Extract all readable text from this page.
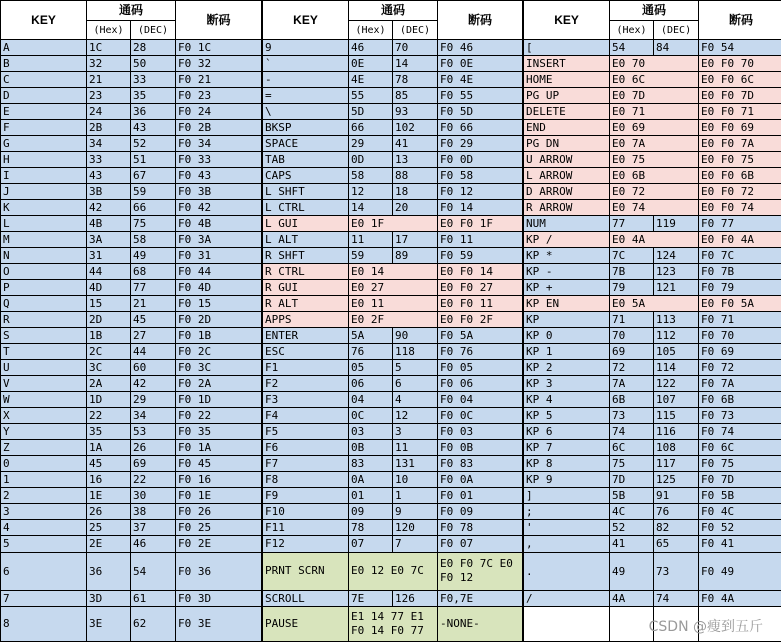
KEY	通码		断码
	(Hex)	(DEC)	
A	1C	28	F0 1C
B	32	50	F0 32
C	21	33	F0 21
D	23	35	F0 23
E	24	36	F0 24
F	2B	43	F0 2B
G	34	52	F0 34
H	33	51	F0 33
I	43	67	F0 43
J	3B	59	F0 3B
K	42	66	F0 42
L	4B	75	F0 4B
M	3A	58	F0 3A
N	31	49	F0 31
O	44	68	F0 44
P	4D	77	F0 4D
Q	15	21	F0 15
R	2D	45	F0 2D
S	1B	27	F0 1B
T	2C	44	F0 2C
U	3C	60	F0 3C
V	2A	42	F0 2A
W	1D	29	F0 1D
X	22	34	F0 22
Y	35	53	F0 35
Z	1A	26	F0 1A
0	45	69	F0 45
1	16	22	F0 16
2	1E	30	F0 1E
3	26	38	F0 26
4	25	37	F0 25
5	2E	46	F0 2E
6	36	54	F0 36
7	3D	61	F0 3D
8	3E	62	F0 3E
KEY	通码		断码
	(Hex)	(DEC)	
9	46	70	F0 46
`	0E	14	F0 0E
-	4E	78	F0 4E
=	55	85	F0 55
\	5D	93	F0 5D
BKSP	66	102	F0 66
SPACE	29	41	F0 29
TAB	0D	13	F0 0D
CAPS	58	88	F0 58
L SHFT	12	18	F0 12
L CTRL	14	20	F0 14
L GUI	E0 1F		E0 F0 1F
L ALT	11	17	F0 11
R SHFT	59	89	F0 59
R CTRL	E0 14		E0 F0 14
R GUI	E0 27		E0 F0 27
R ALT	E0 11		E0 F0 11
APPS	E0 2F		E0 F0 2F
ENTER	5A	90	F0 5A
ESC	76	118	F0 76
F1	05	5	F0 05
F2	06	6	F0 06
F3	04	4	F0 04
F4	0C	12	F0 0C
F5	03	3	F0 03
F6	0B	11	F0 0B
F7	83	131	F0 83
F8	0A	10	F0 0A
F9	01	1	F0 01
F10	09	9	F0 09
F11	78	120	F0 78
F12	07	7	F0 07
PRNT SCRN	E0 12 E0 7C		E0 F0 7C E0 F0 12
SCROLL	7E	126	F0,7E
PAUSE	E1 14 77 E1 F0 14 F0 77		-NONE-
KEY	通码		断码
	(Hex)	(DEC)	
[	54	84	F0 54
INSERT	E0 70		E0 F0 70
HOME	E0 6C		E0 F0 6C
PG UP	E0 7D		E0 F0 7D
DELETE	E0 71		E0 F0 71
END	E0 69		E0 F0 69
PG DN	E0 7A		E0 F0 7A
U ARROW	E0 75		E0 F0 75
L ARROW	E0 6B		E0 F0 6B
D ARROW	E0 72		E0 F0 72
R ARROW	E0 74		E0 F0 74
NUM	77	119	F0 77
KP /	E0 4A		E0 F0 4A
KP *	7C	124	F0 7C
KP -	7B	123	F0 7B
KP +	79	121	F0 79
KP EN	E0 5A		E0 F0 5A
KP	71	113	F0 71
KP 0	70	112	F0 70
KP 1	69	105	F0 69
KP 2	72	114	F0 72
KP 3	7A	122	F0 7A
KP 4	6B	107	F0 6B
KP 5	73	115	F0 73
KP 6	74	116	F0 74
KP 7	6C	108	F0 6C
KP 8	75	117	F0 75
KP 9	7D	125	F0 7D
]	5B	91	F0 5B
;	4C	76	F0 4C
'	52	82	F0 52
,	41	65	F0 41
.	49	73	F0 49
/	4A	74	F0 4A

CSDN @瘦到五斤
